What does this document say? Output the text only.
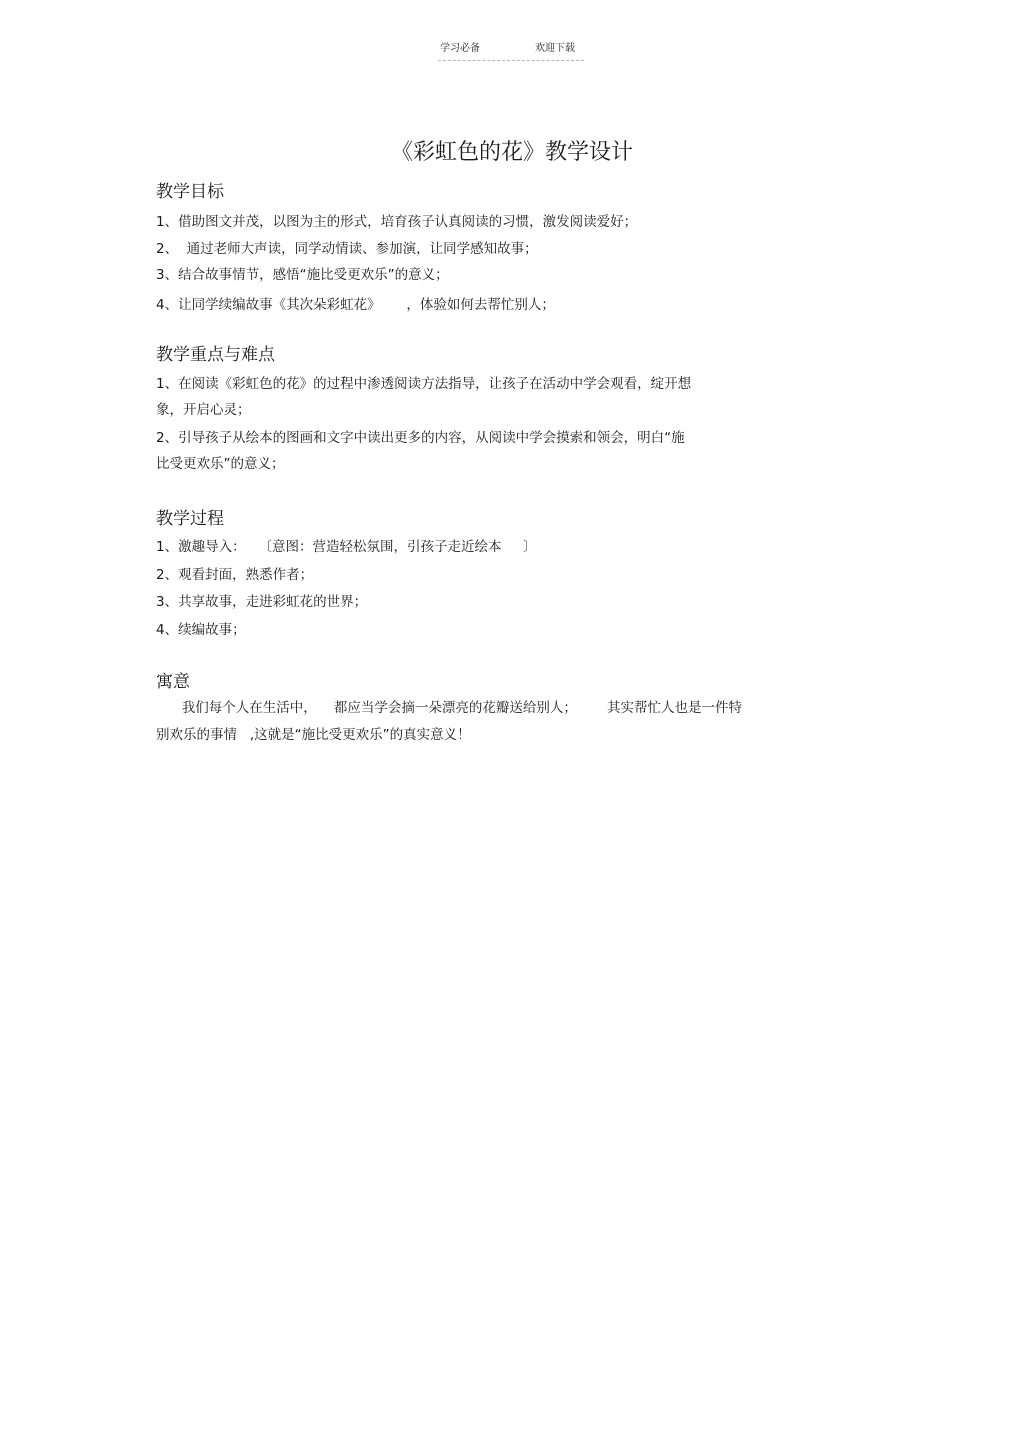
学习必备	欢迎下载
《彩虹色的花》教学设计
教学目标
1、借助图文并茂，以图为主的形式，培育孩子认真阅读的习惯，激发阅读爱好；
2、  通过老师大声读，同学动情读、参加演，让同学感知故事；
3、结合故事情节，感悟“施比受更欢乐”的意义；
4、让同学续编故事《其次朵彩虹花》      ，体验如何去帮忙别人；
教学重点与难点
1、在阅读《彩虹色的花》的过程中渗透阅读方法指导，让孩子在活动中学会观看，绽开想
象，开启心灵；
2、引导孩子从绘本的图画和文字中读出更多的内容，从阅读中学会摸索和领会，明白“施
比受更欢乐”的意义；
教学过程
1、激趣导入：   〔意图：营造轻松氛围，引孩子走近绘本     〕
2、观看封面，熟悉作者；
3、共享故事，走进彩虹花的世界；
4、续编故事；
寓意
我们每个人在生活中，    都应当学会摘一朵漂亮的花瓣送给别人；       其实帮忙人也是一件特
别欢乐的事情   ,这就是“施比受更欢乐”的真实意义！
